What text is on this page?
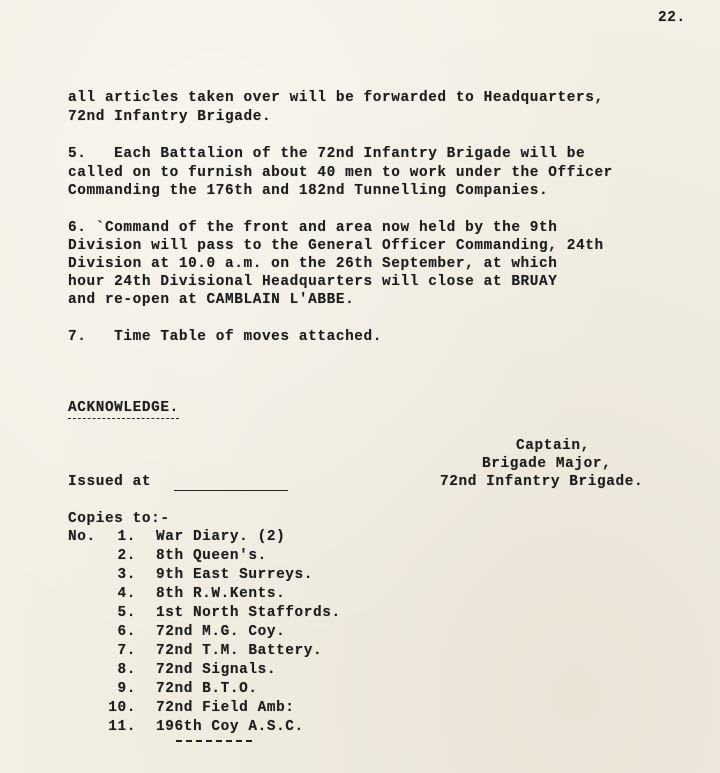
22.
all articles taken over will be forwarded to Headquarters,
72nd Infantry Brigade.
5.   Each Battalion of the 72nd Infantry Brigade will be
called on to furnish about 40 men to work under the Officer
Commanding the 176th and 182nd Tunnelling Companies.
6. `Command of the front and area now held by the 9th
Division will pass to the General Officer Commanding, 24th
Division at 10.0 a.m. on the 26th September, at which
hour 24th Divisional Headquarters will close at BRUAY
and re-open at CAMBLAIN L'ABBE.
7.   Time Table of moves attached.
ACKNOWLEDGE.
Captain,
Brigade Major,
72nd Infantry Brigade.
Issued at
Copies to:-
1. War Diary. (2)
2. 8th Queen's.
3. 9th East Surreys.
4. 8th R.W.Kents.
5. 1st North Staffords.
6. 72nd M.G. Coy.
7. 72nd T.M. Battery.
8. 72nd Signals.
9. 72nd B.T.O.
10. 72nd Field Amb:
11. 196th Coy A.S.C.
No.
